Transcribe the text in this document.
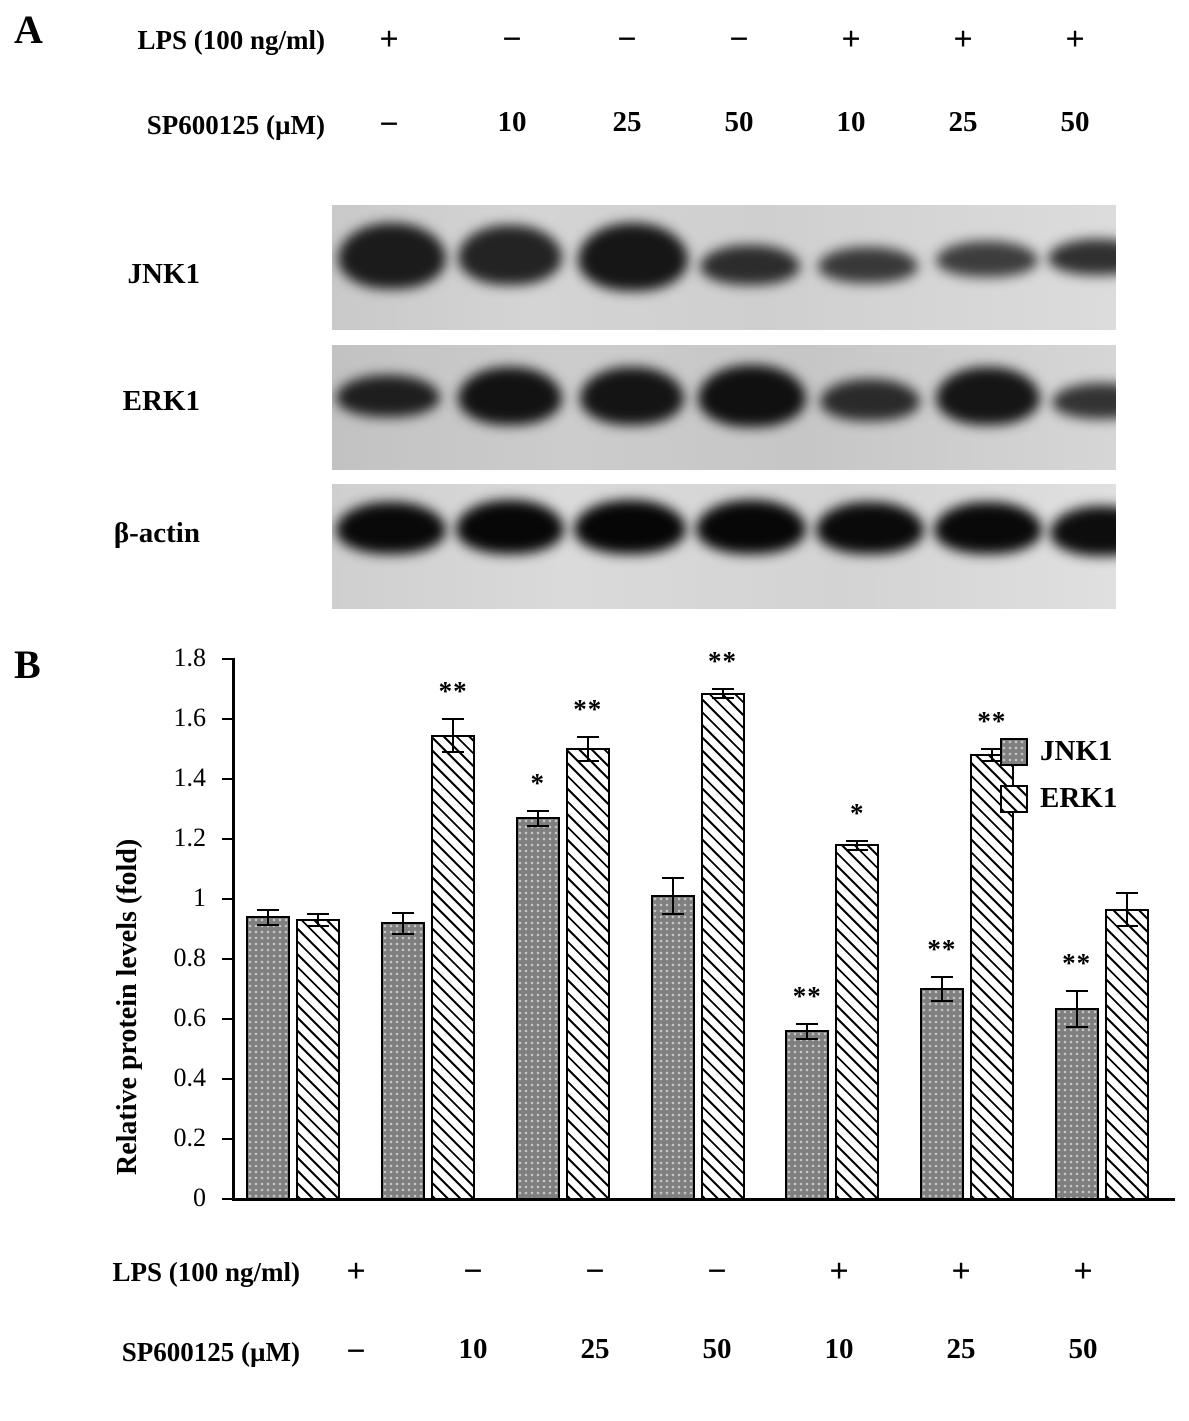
A	LPS (100 ng/ml)	+	−	−	−	+	+	+
SP600125 (µM)	−	10	25	50	10	25	50
JNK1
ERK1
β-actin
B
Relative protein levels (fold)
0
0.2
0.4
0.6
0.8
1
1.2
1.4
1.6
1.8
**
*
**
**
**
*
**
**
**
JNK1
ERK1
LPS (100 ng/ml)	+	−	−	−	+	+	+
SP600125 (µM)	−	10	25	50	10	25	50
